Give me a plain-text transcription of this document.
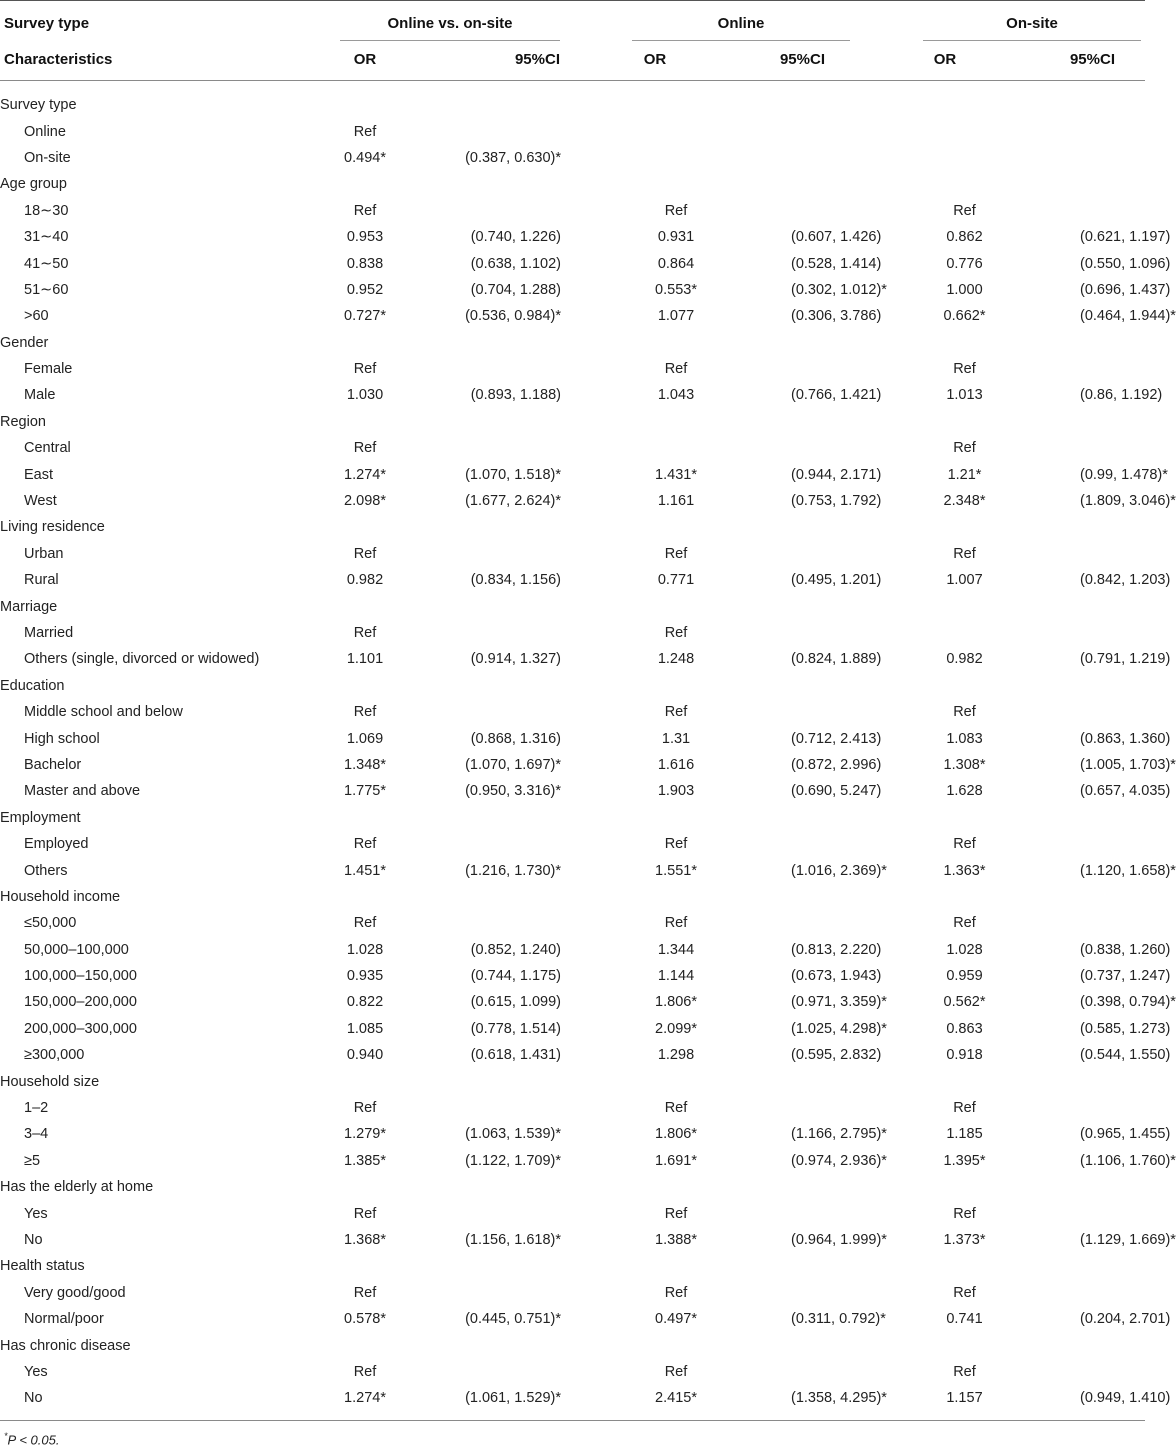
Survey type	Online vs. on-site	Online	On-site
Characteristics	OR	95%CI	OR	95%CI	OR	95%CI
Survey type						
Online	Ref					
On-site	0.494*	(0.387, 0.630)*				
Age group						
18∼30	Ref		Ref		Ref	
31∼40	0.953	(0.740, 1.226)	0.931	(0.607, 1.426)	0.862	(0.621, 1.197)
41∼50	0.838	(0.638, 1.102)	0.864	(0.528, 1.414)	0.776	(0.550, 1.096)
51∼60	0.952	(0.704, 1.288)	0.553*	(0.302, 1.012)*	1.000	(0.696, 1.437)
>60	0.727*	(0.536, 0.984)*	1.077	(0.306, 3.786)	0.662*	(0.464, 1.944)*
Gender						
Female	Ref		Ref		Ref	
Male	1.030	(0.893, 1.188)	1.043	(0.766, 1.421)	1.013	(0.86, 1.192)
Region						
Central	Ref				Ref	
East	1.274*	(1.070, 1.518)*	1.431*	(0.944, 2.171)	1.21*	(0.99, 1.478)*
West	2.098*	(1.677, 2.624)*	1.161	(0.753, 1.792)	2.348*	(1.809, 3.046)*
Living residence						
Urban	Ref		Ref		Ref	
Rural	0.982	(0.834, 1.156)	0.771	(0.495, 1.201)	1.007	(0.842, 1.203)
Marriage						
Married	Ref		Ref			
Others (single, divorced or widowed)	1.101	(0.914, 1.327)	1.248	(0.824, 1.889)	0.982	(0.791, 1.219)
Education						
Middle school and below	Ref		Ref		Ref	
High school	1.069	(0.868, 1.316)	1.31	(0.712, 2.413)	1.083	(0.863, 1.360)
Bachelor	1.348*	(1.070, 1.697)*	1.616	(0.872, 2.996)	1.308*	(1.005, 1.703)*
Master and above	1.775*	(0.950, 3.316)*	1.903	(0.690, 5.247)	1.628	(0.657, 4.035)
Employment						
Employed	Ref		Ref		Ref	
Others	1.451*	(1.216, 1.730)*	1.551*	(1.016, 2.369)*	1.363*	(1.120, 1.658)*
Household income						
≤50,000	Ref		Ref		Ref	
50,000–100,000	1.028	(0.852, 1.240)	1.344	(0.813, 2.220)	1.028	(0.838, 1.260)
100,000–150,000	0.935	(0.744, 1.175)	1.144	(0.673, 1.943)	0.959	(0.737, 1.247)
150,000–200,000	0.822	(0.615, 1.099)	1.806*	(0.971, 3.359)*	0.562*	(0.398, 0.794)*
200,000–300,000	1.085	(0.778, 1.514)	2.099*	(1.025, 4.298)*	0.863	(0.585, 1.273)
≥300,000	0.940	(0.618, 1.431)	1.298	(0.595, 2.832)	0.918	(0.544, 1.550)
Household size						
1–2	Ref		Ref		Ref	
3–4	1.279*	(1.063, 1.539)*	1.806*	(1.166, 2.795)*	1.185	(0.965, 1.455)
≥5	1.385*	(1.122, 1.709)*	1.691*	(0.974, 2.936)*	1.395*	(1.106, 1.760)*
Has the elderly at home						
Yes	Ref		Ref		Ref	
No	1.368*	(1.156, 1.618)*	1.388*	(0.964, 1.999)*	1.373*	(1.129, 1.669)*
Health status						
Very good/good	Ref		Ref		Ref	
Normal/poor	0.578*	(0.445, 0.751)*	0.497*	(0.311, 0.792)*	0.741	(0.204, 2.701)
Has chronic disease						
Yes	Ref		Ref		Ref	
No	1.274*	(1.061, 1.529)*	2.415*	(1.358, 4.295)*	1.157	(0.949, 1.410)
*P < 0.05.
